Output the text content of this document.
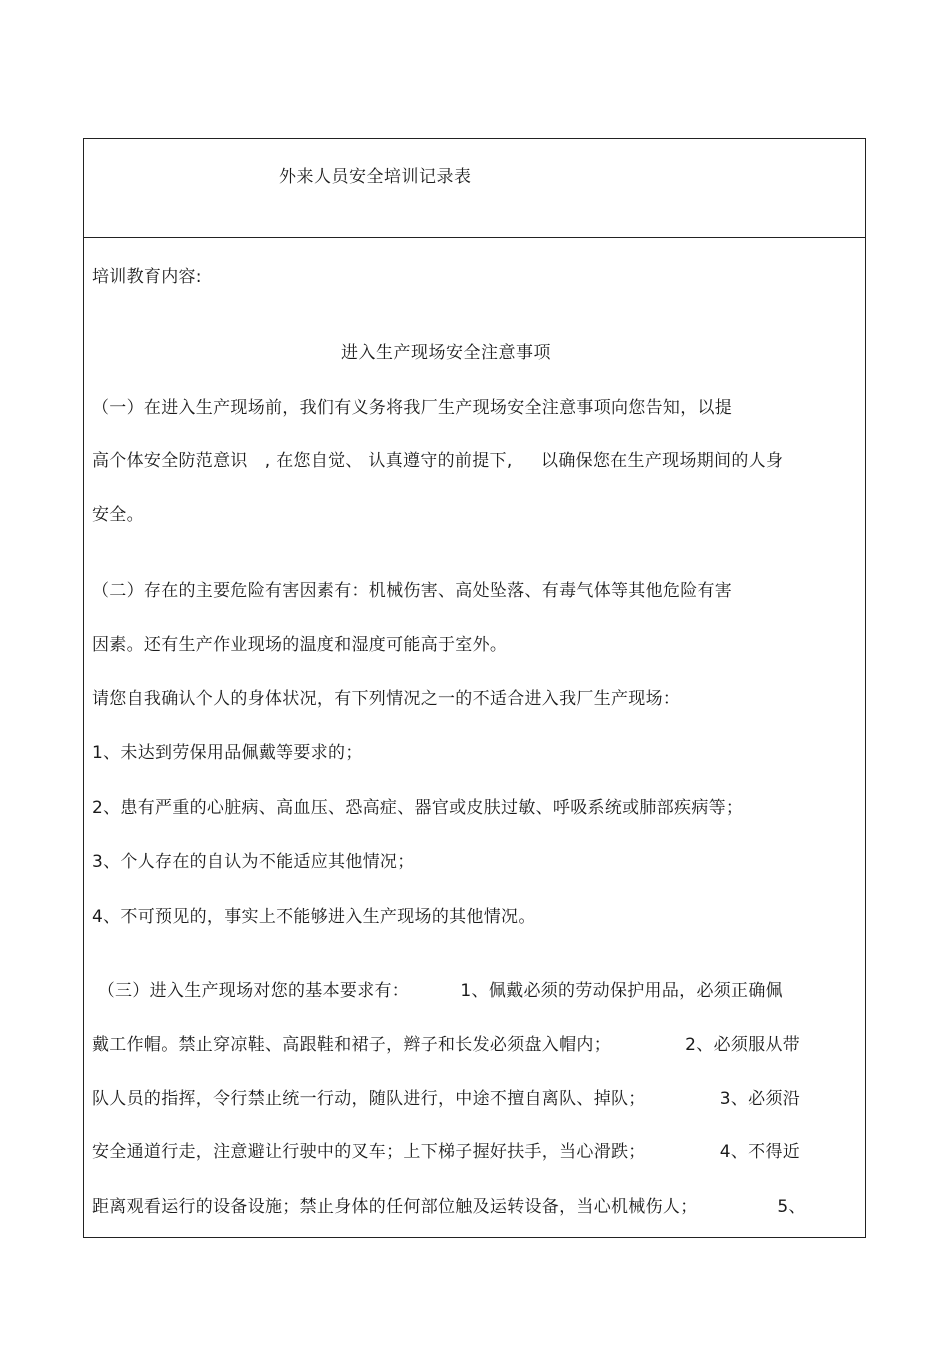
外来人员安全培训记录表
培训教育内容:
进入生产现场安全注意事项
（一）在进入生产现场前，我们有义务将我厂生产现场安全注意事项向您告知，以提
高个体安全防范意识   , 在您自觉、 认真遵守的前提下,     以确保您在生产现场期间的人身
安全。
（二）存在的主要危险有害因素有：机械伤害、高处坠落、有毒气体等其他危险有害
因素。还有生产作业现场的温度和湿度可能高于室外。
请您自我确认个人的身体状况，有下列情况之一的不适合进入我厂生产现场：
1、未达到劳保用品佩戴等要求的；
2、患有严重的心脏病、高血压、恐高症、器官或皮肤过敏、呼吸系统或肺部疾病等；
3、个人存在的自认为不能适应其他情况；
4、不可预见的，事实上不能够进入生产现场的其他情况。
（三）进入生产现场对您的基本要求有：         1、佩戴必须的劳动保护用品，必须正确佩
戴工作帽。禁止穿凉鞋、高跟鞋和裙子，辫子和长发必须盘入帽内；             2、必须服从带
队人员的指挥，令行禁止统一行动，随队进行，中途不擅自离队、掉队；             3、必须沿
安全通道行走，注意避让行驶中的叉车；上下梯子握好扶手，当心滑跌；             4、不得近
距离观看运行的设备设施；禁止身体的任何部位触及运转设备，当心机械伤人；              5、
